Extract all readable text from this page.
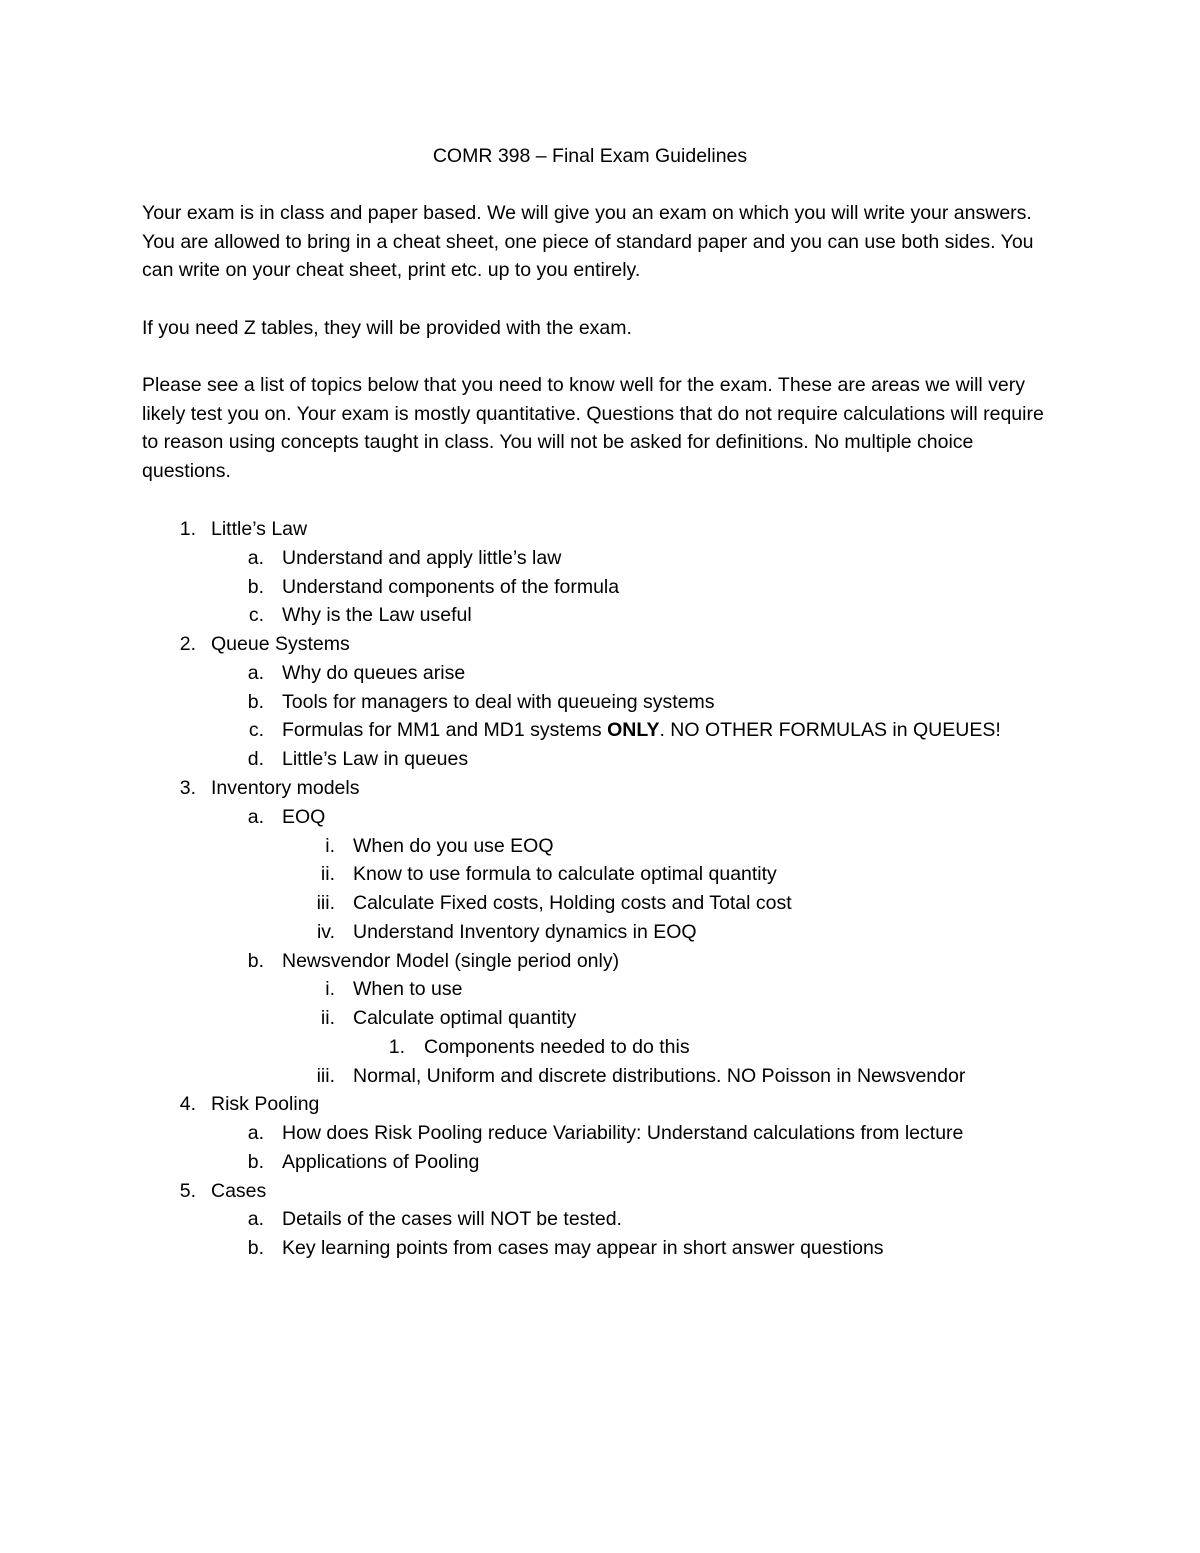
COMR 398 – Final Exam Guidelines

Your exam is in class and paper based. We will give you an exam on which you will write your answers. You are allowed to bring in a cheat sheet, one piece of standard paper and you can use both sides. You can write on your cheat sheet, print etc. up to you entirely.

If you need Z tables, they will be provided with the exam.

Please see a list of topics below that you need to know well for the exam. These are areas we will very likely test you on. Your exam is mostly quantitative. Questions that do not require calculations will require to reason using concepts taught in class. You will not be asked for definitions. No multiple choice questions.

1. Little’s Law
a. Understand and apply little’s law
b. Understand components of the formula
c. Why is the Law useful
2. Queue Systems
a. Why do queues arise
b. Tools for managers to deal with queueing systems
c. Formulas for MM1 and MD1 systems ONLY. NO OTHER FORMULAS in QUEUES!
d. Little’s Law in queues
3. Inventory models
a. EOQ
i. When do you use EOQ
ii. Know to use formula to calculate optimal quantity
iii. Calculate Fixed costs, Holding costs and Total cost
iv. Understand Inventory dynamics in EOQ
b. Newsvendor Model (single period only)
i. When to use
ii. Calculate optimal quantity
1. Components needed to do this
iii. Normal, Uniform and discrete distributions. NO Poisson in Newsvendor
4. Risk Pooling
a. How does Risk Pooling reduce Variability: Understand calculations from lecture
b. Applications of Pooling
5. Cases
a. Details of the cases will NOT be tested.
b. Key learning points from cases may appear in short answer questions
